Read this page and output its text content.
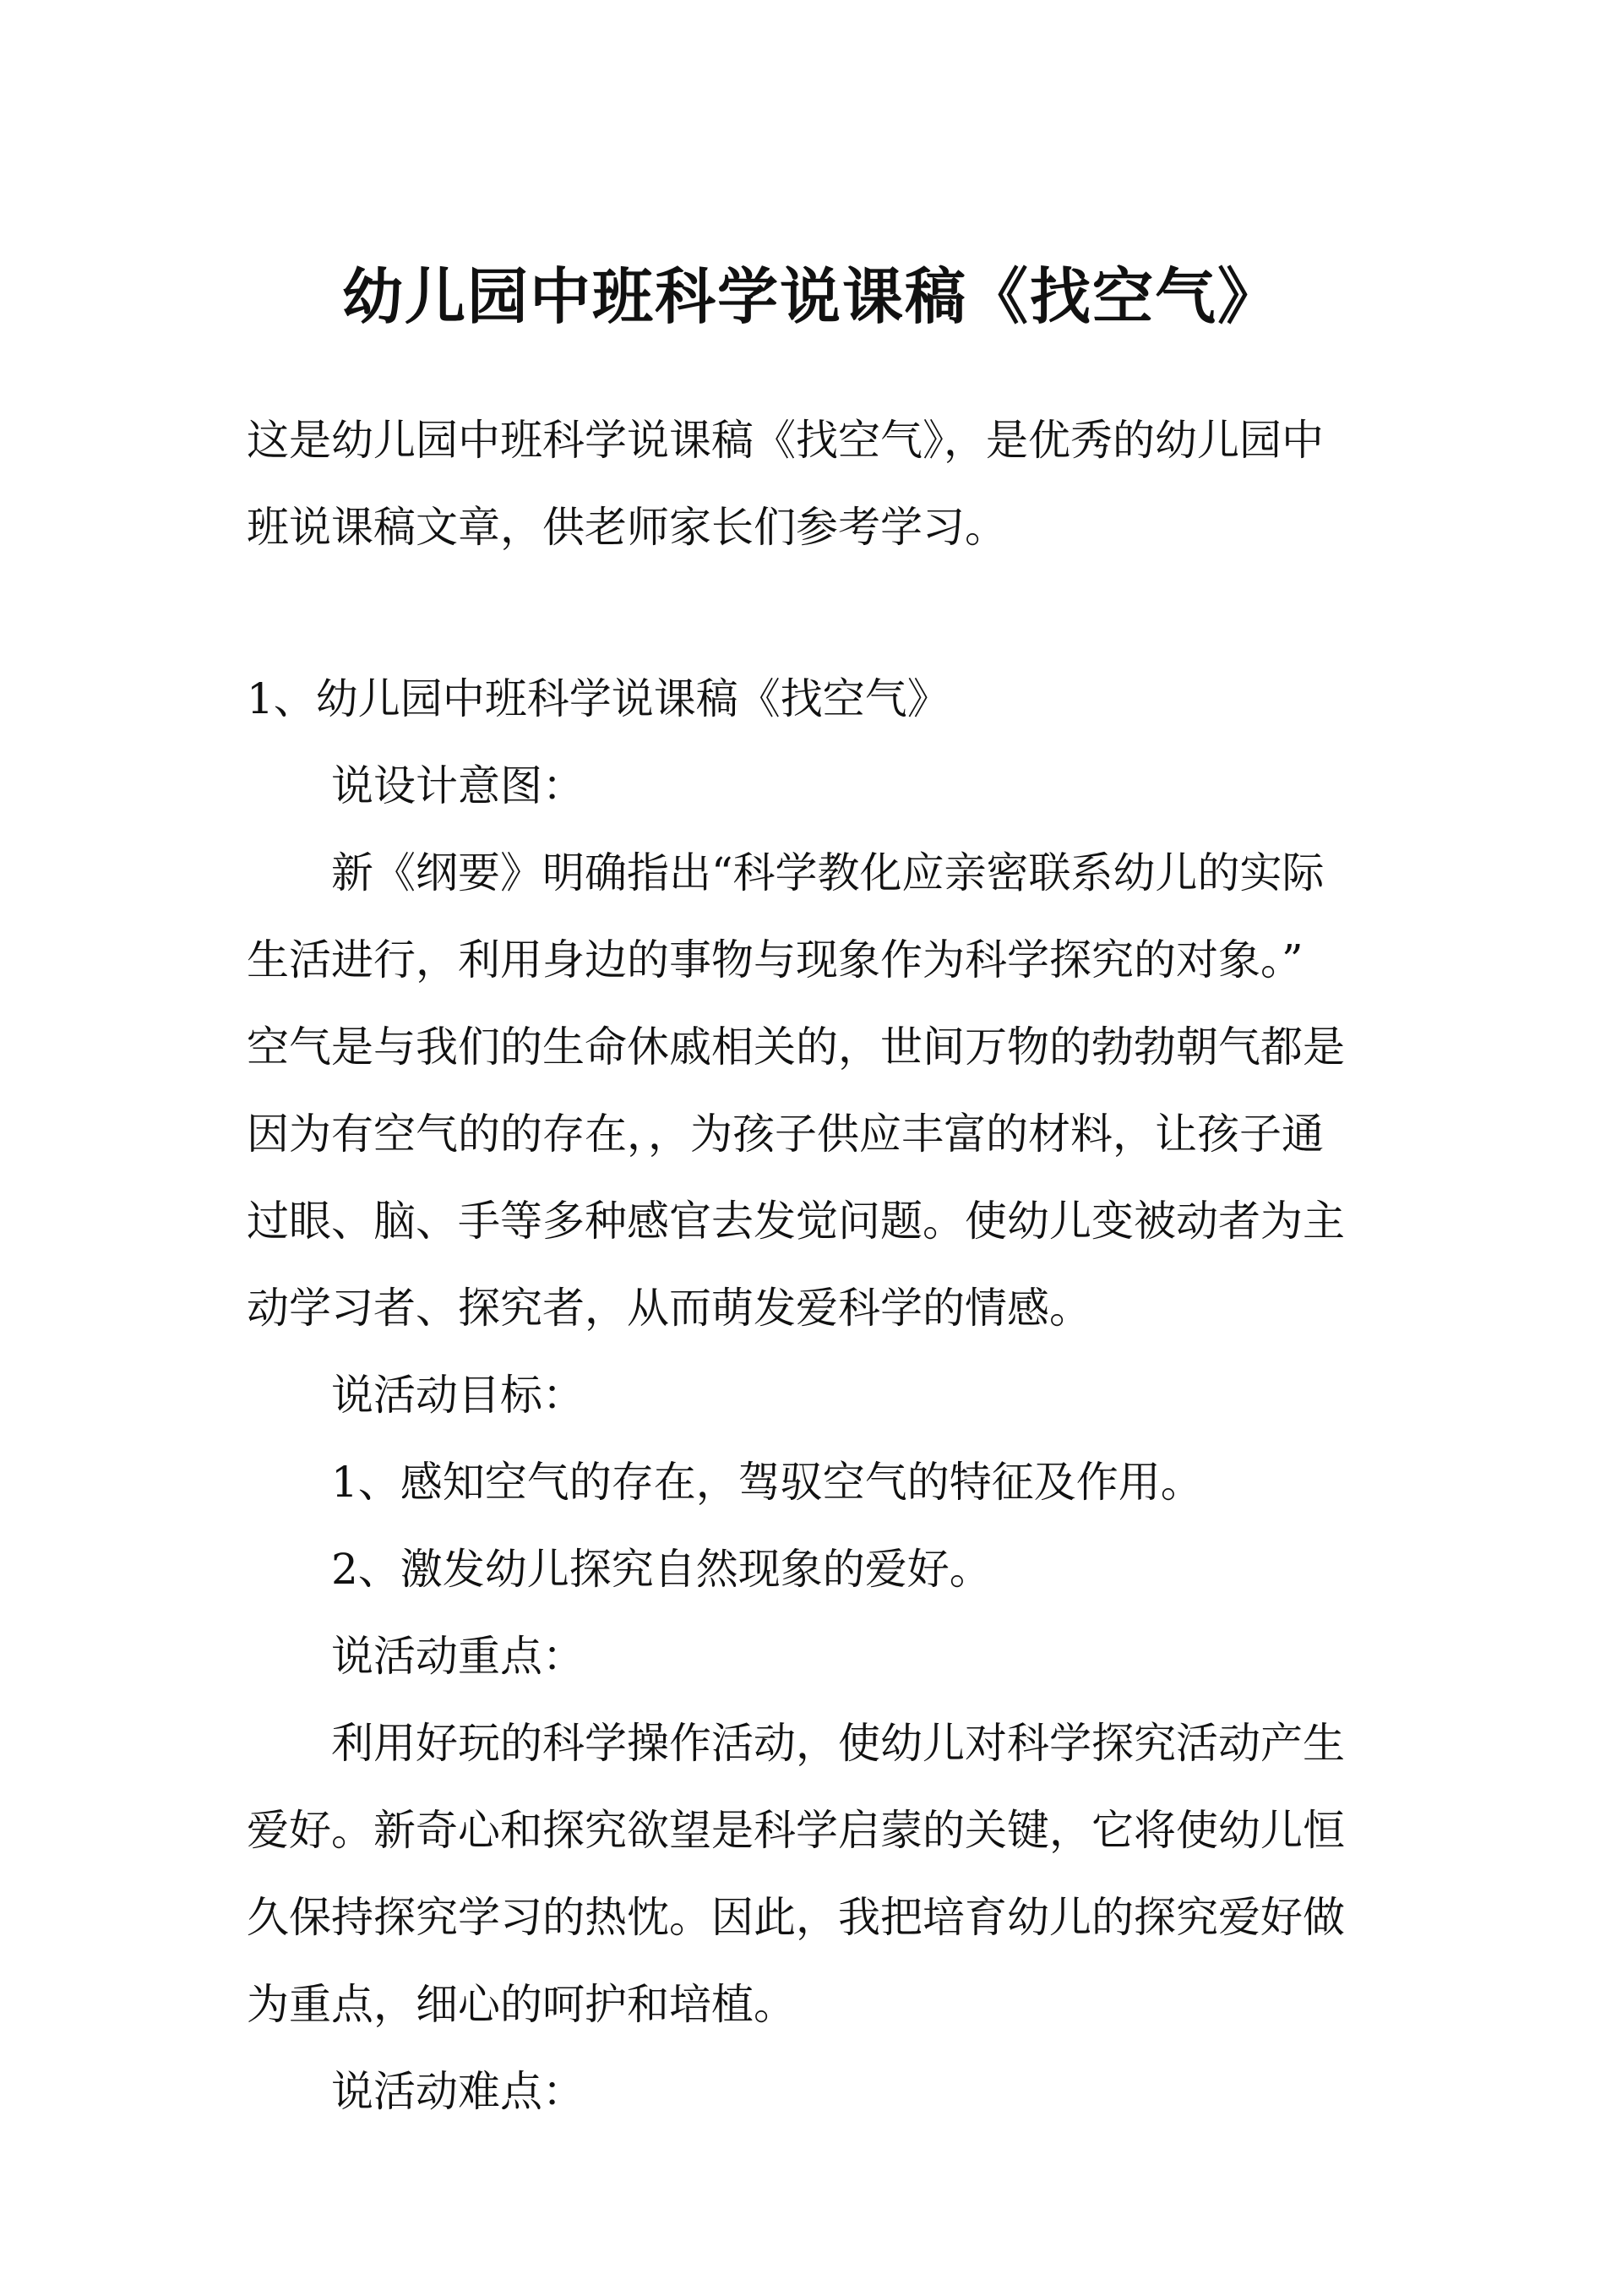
幼儿园中班科学说课稿《找空气》

这是幼儿园中班科学说课稿《找空气》，是优秀的幼儿园中

班说课稿文章，供老师家长们参考学习。

1、幼儿园中班科学说课稿《找空气》

说设计意图：

新《纲要》明确指出“科学教化应亲密联系幼儿的实际

生活进行，利用身边的事物与现象作为科学探究的对象。”

空气是与我们的生命休戚相关的，世间万物的勃勃朝气都是

因为有空气的的存在，，为孩子供应丰富的材料，让孩子通

过眼、脑、手等多种感官去发觉问题。使幼儿变被动者为主

动学习者、探究者，从而萌发爱科学的情感。

说活动目标：

1、感知空气的存在，驾驭空气的特征及作用。

2、激发幼儿探究自然现象的爱好。

说活动重点：

利用好玩的科学操作活动，使幼儿对科学探究活动产生

爱好。新奇心和探究欲望是科学启蒙的关键，它将使幼儿恒

久保持探究学习的热忱。因此，我把培育幼儿的探究爱好做

为重点，细心的呵护和培植。

说活动难点：
